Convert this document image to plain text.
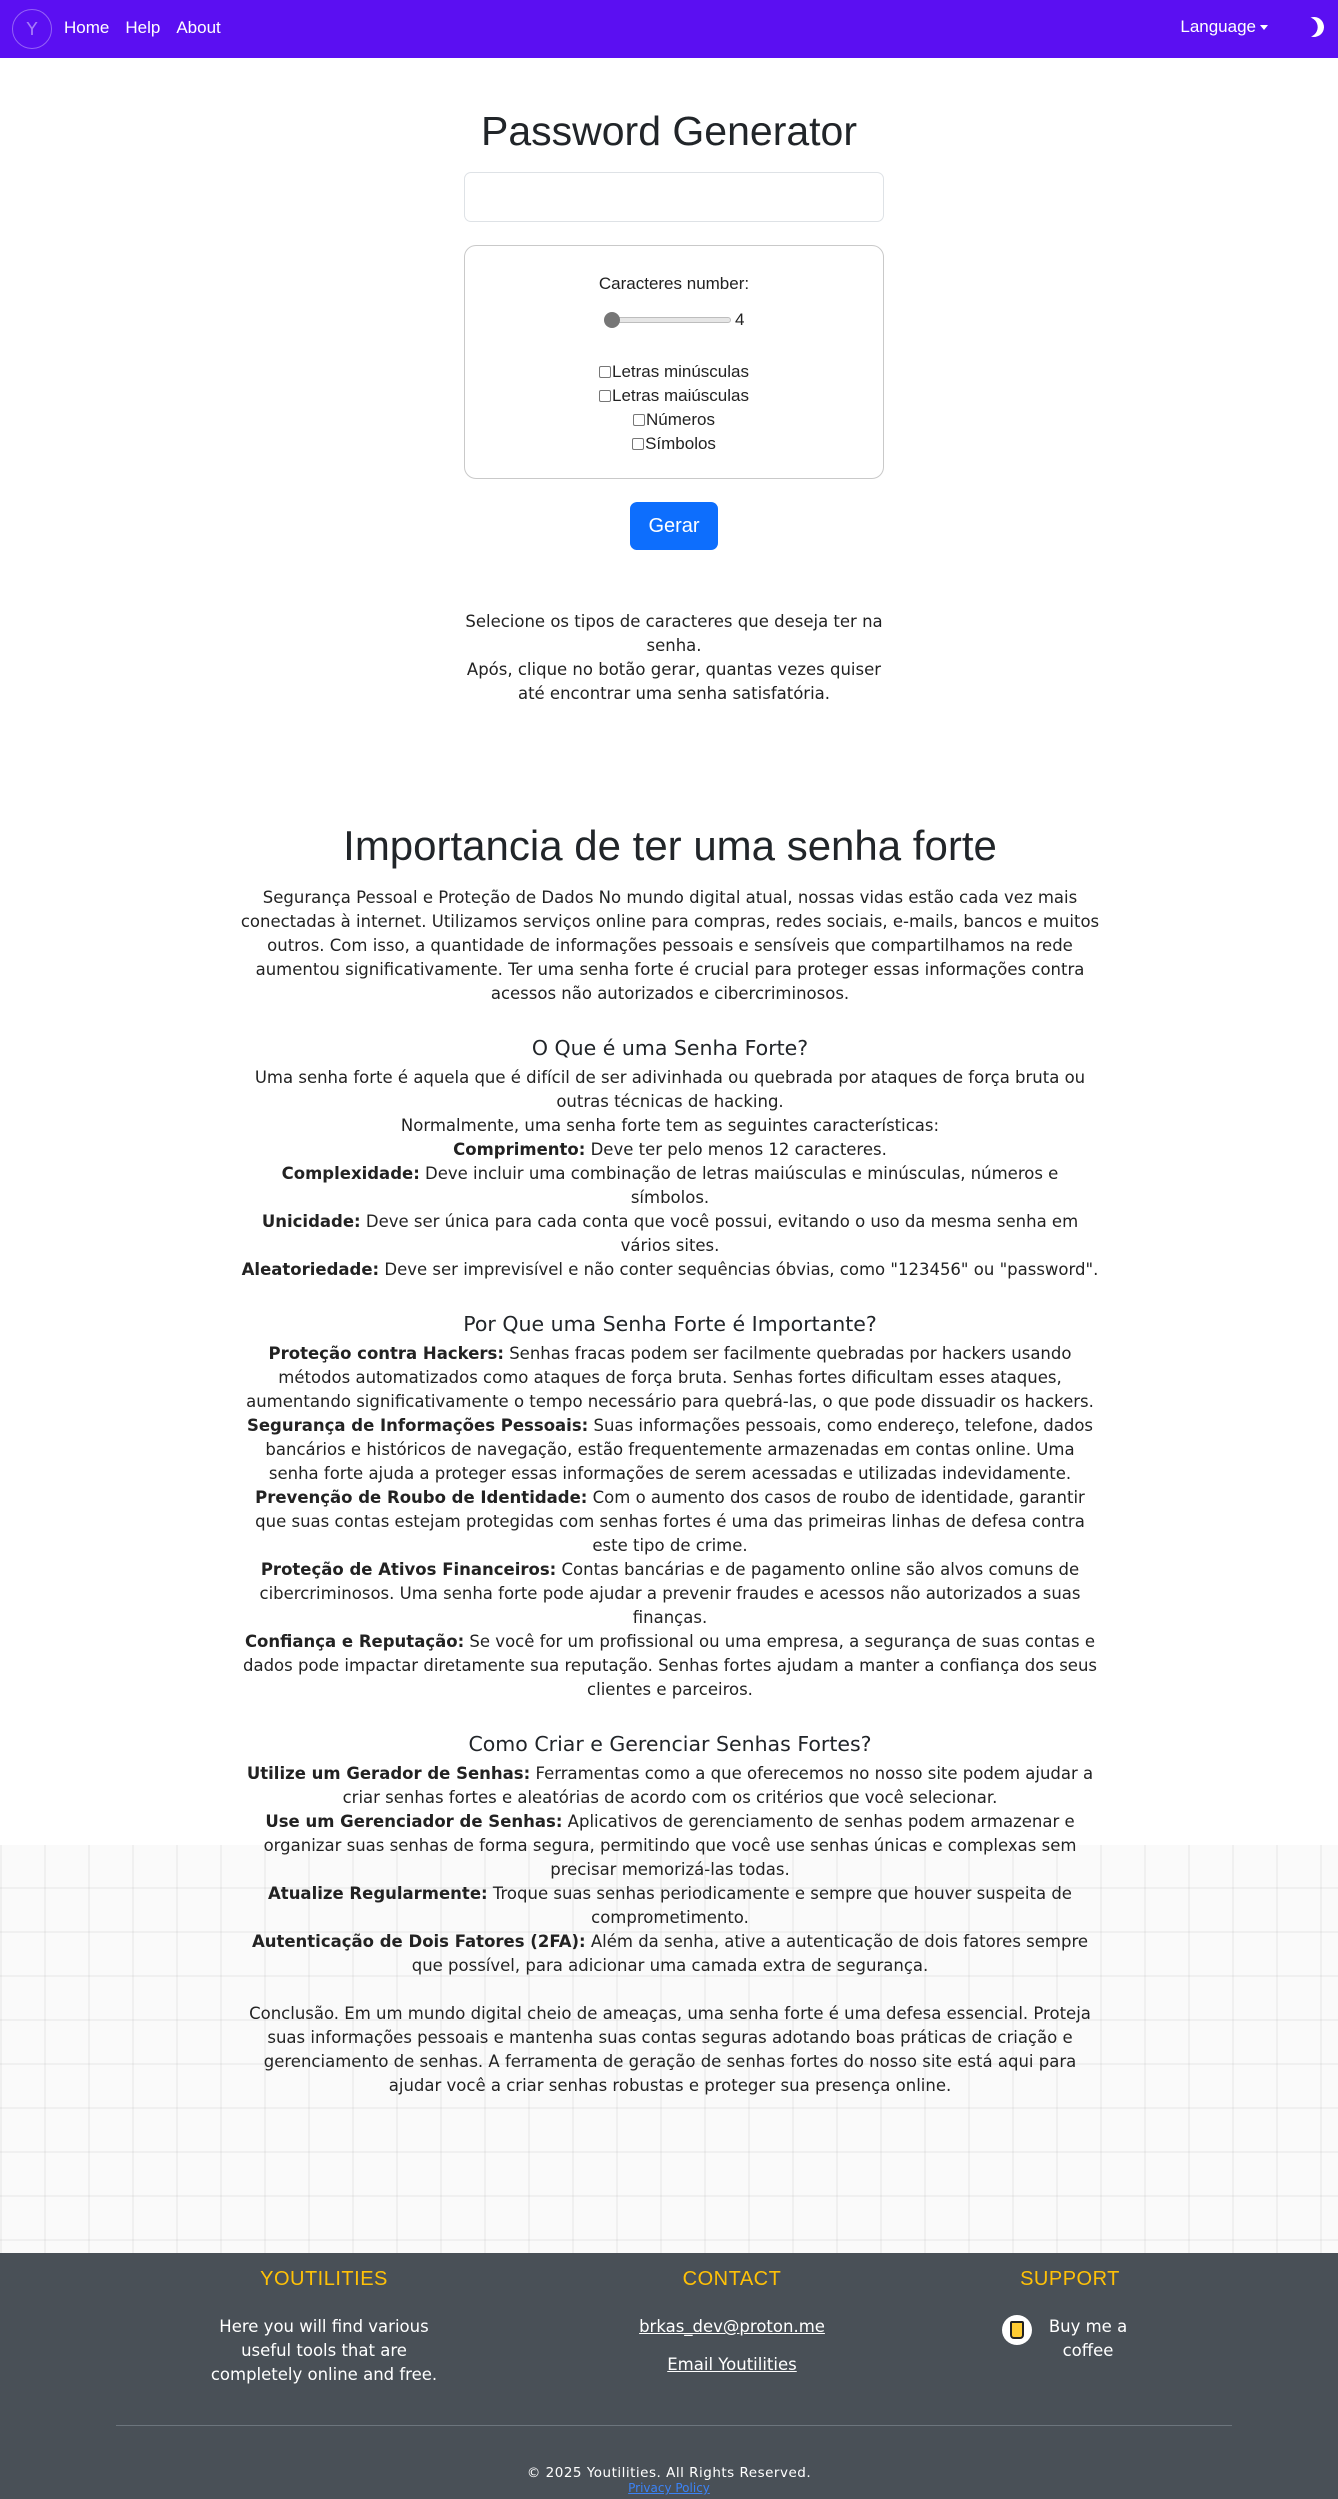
Y	Home Help About	Language
Password Generator
Caracteres number:
4
Letras minúsculas
Letras maiúsculas
Números
Símbolos
Gerar
Selecione os tipos de caracteres que deseja ter na senha.
Após, clique no botão gerar, quantas vezes quiser até encontrar uma senha satisfatória.
Importancia de ter uma senha forte

Segurança Pessoal e Proteção de Dados No mundo digital atual, nossas vidas estão cada vez mais conectadas à internet. Utilizamos serviços online para compras, redes sociais, e-mails, bancos e muitos outros. Com isso, a quantidade de informações pessoais e sensíveis que compartilhamos na rede aumentou significativamente. Ter uma senha forte é crucial para proteger essas informações contra acessos não autorizados e cibercriminosos.

O Que é uma Senha Forte?

Uma senha forte é aquela que é difícil de ser adivinhada ou quebrada por ataques de força bruta ou outras técnicas de hacking.

Normalmente, uma senha forte tem as seguintes características:

Comprimento: Deve ter pelo menos 12 caracteres.
Complexidade: Deve incluir uma combinação de letras maiúsculas e minúsculas, números e símbolos.
Unicidade: Deve ser única para cada conta que você possui, evitando o uso da mesma senha em vários sites.
Aleatoriedade: Deve ser imprevisível e não conter sequências óbvias, como "123456" ou "password".
Por Que uma Senha Forte é Importante?
Proteção contra Hackers: Senhas fracas podem ser facilmente quebradas por hackers usando métodos automatizados como ataques de força bruta. Senhas fortes dificultam esses ataques, aumentando significativamente o tempo necessário para quebrá-las, o que pode dissuadir os hackers.
Segurança de Informações Pessoais: Suas informações pessoais, como endereço, telefone, dados bancários e históricos de navegação, estão frequentemente armazenadas em contas online. Uma senha forte ajuda a proteger essas informações de serem acessadas e utilizadas indevidamente.
Prevenção de Roubo de Identidade: Com o aumento dos casos de roubo de identidade, garantir que suas contas estejam protegidas com senhas fortes é uma das primeiras linhas de defesa contra este tipo de crime.
Proteção de Ativos Financeiros: Contas bancárias e de pagamento online são alvos comuns de cibercriminosos. Uma senha forte pode ajudar a prevenir fraudes e acessos não autorizados a suas finanças.
Confiança e Reputação: Se você for um profissional ou uma empresa, a segurança de suas contas e dados pode impactar diretamente sua reputação. Senhas fortes ajudam a manter a confiança dos seus clientes e parceiros.
Como Criar e Gerenciar Senhas Fortes?
Utilize um Gerador de Senhas: Ferramentas como a que oferecemos no nosso site podem ajudar a criar senhas fortes e aleatórias de acordo com os critérios que você selecionar.
Use um Gerenciador de Senhas: Aplicativos de gerenciamento de senhas podem armazenar e organizar suas senhas de forma segura, permitindo que você use senhas únicas e complexas sem precisar memorizá-las todas.
Atualize Regularmente: Troque suas senhas periodicamente e sempre que houver suspeita de comprometimento.
Autenticação de Dois Fatores (2FA): Além da senha, ative a autenticação de dois fatores sempre que possível, para adicionar uma camada extra de segurança.

Conclusão. Em um mundo digital cheio de ameaças, uma senha forte é uma defesa essencial. Proteja suas informações pessoais e mantenha suas contas seguras adotando boas práticas de criação e gerenciamento de senhas. A ferramenta de geração de senhas fortes do nosso site está aqui para ajudar você a criar senhas robustas e proteger sua presença online.

YOUTILITIES
Here you will find various useful tools that are completely online and free.
CONTACT
brkas_dev@proton.me
Email Youtilities
SUPPORT
Buy me a coffee
© 2025 Youtilities. All Rights Reserved.
Privacy Policy
